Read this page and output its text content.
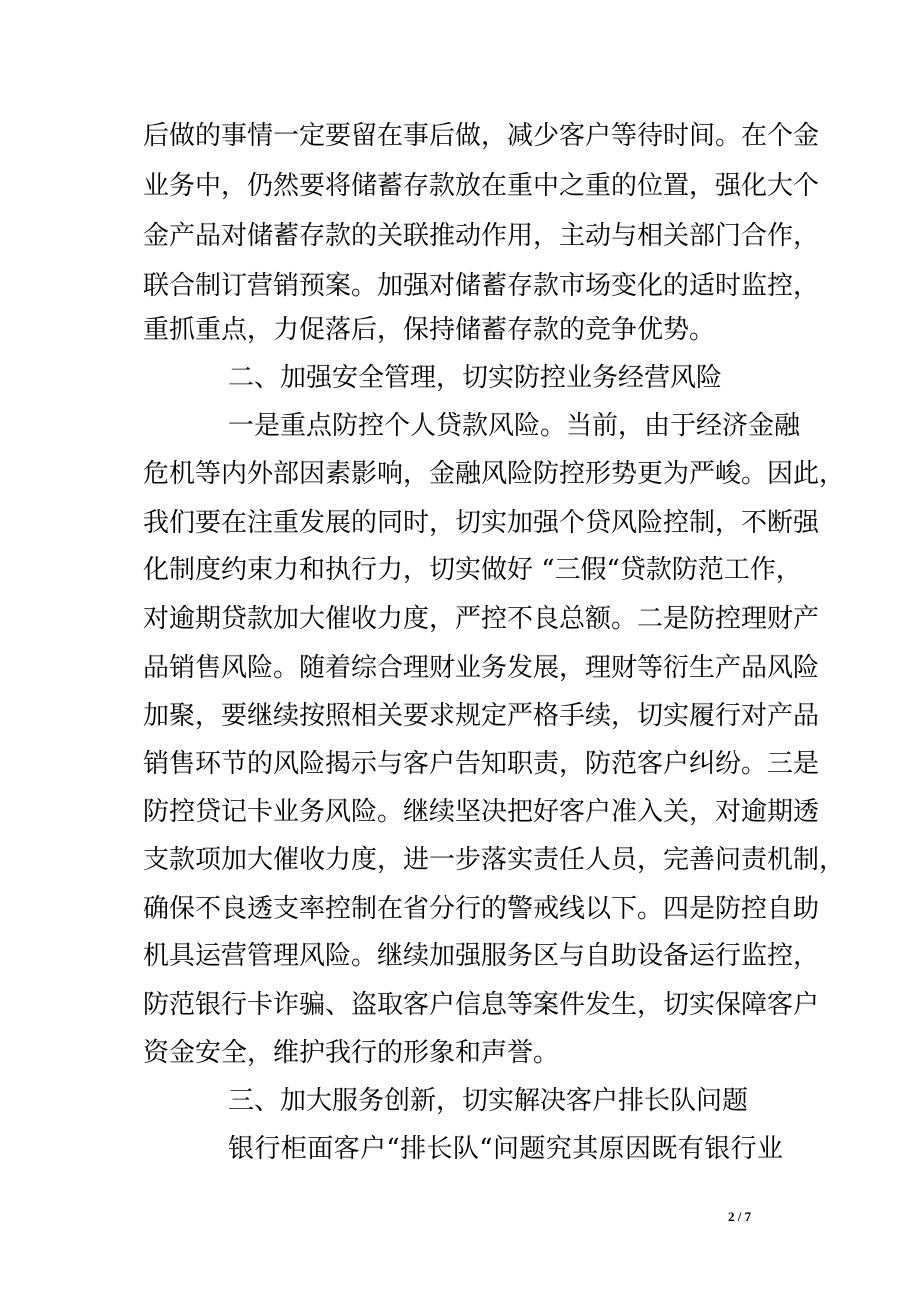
后做的事情一定要留在事后做，减少客户等待时间。在个金
业务中，仍然要将储蓄存款放在重中之重的位置，强化大个
金产品对储蓄存款的关联推动作用，主动与相关部门合作，
联合制订营销预案。加强对储蓄存款市场变化的适时监控，
重抓重点，力促落后，保持储蓄存款的竞争优势。
二、加强安全管理，切实防控业务经营风险
一是重点防控个人贷款风险。当前，由于经济金融
危机等内外部因素影响，金融风险防控形势更为严峻。因此，
我们要在注重发展的同时，切实加强个贷风险控制，不断强
化制度约束力和执行力，切实做好 “三假“贷款防范工作，
对逾期贷款加大催收力度，严控不良总额。二是防控理财产
品销售风险。随着综合理财业务发展，理财等衍生产品风险
加聚，要继续按照相关要求规定严格手续，切实履行对产品
销售环节的风险揭示与客户告知职责，防范客户纠纷。三是
防控贷记卡业务风险。继续坚决把好客户准入关，对逾期透
支款项加大催收力度，进一步落实责任人员，完善问责机制，
确保不良透支率控制在省分行的警戒线以下。四是防控自助
机具运营管理风险。继续加强服务区与自助设备运行监控，
防范银行卡诈骗、盗取客户信息等案件发生，切实保障客户
资金安全，维护我行的形象和声誉。
三、加大服务创新，切实解决客户排长队问题
银行柜面客户“排长队“问题究其原因既有银行业
2 / 7
